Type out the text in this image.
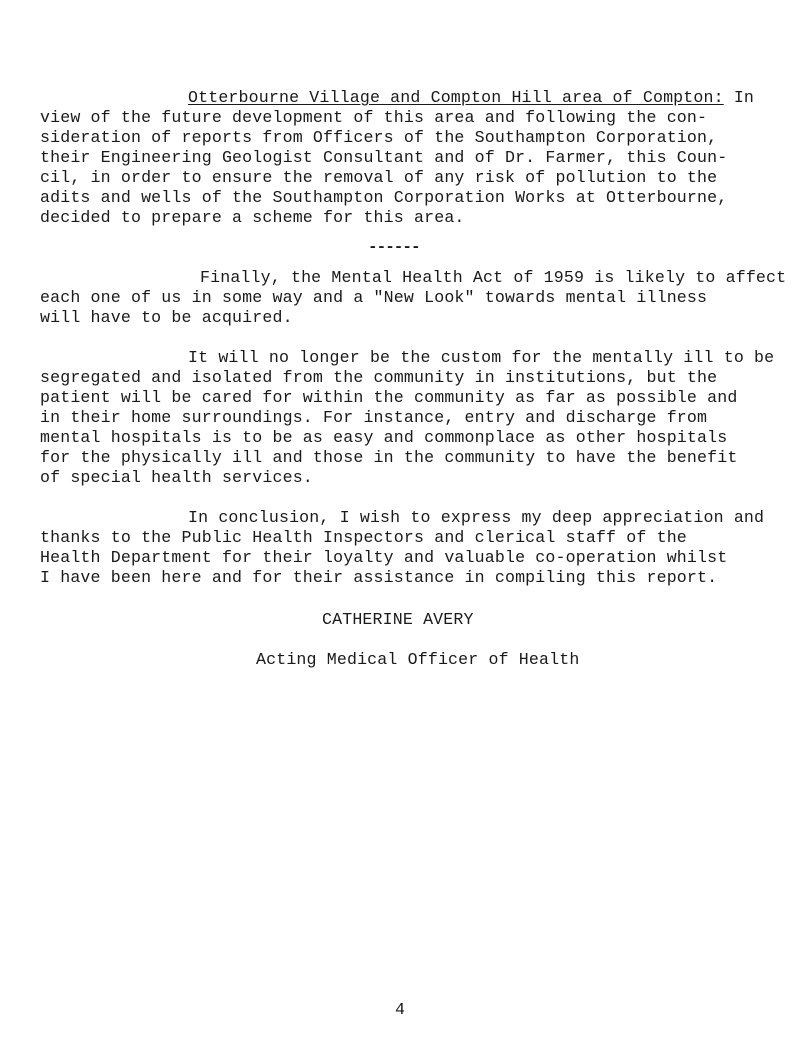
Otterbourne Village and Compton Hill area of Compton: In
view of the future development of this area and following the con-
sideration of reports from Officers of the Southampton Corporation,
their Engineering Geologist Consultant and of Dr. Farmer, this Coun-
cil, in order to ensure the removal of any risk of pollution to the
adits and wells of the Southampton Corporation Works at Otterbourne,
decided to prepare a scheme for this area.
------
Finally, the Mental Health Act of 1959 is likely to affect
each one of us in some way and a "New Look" towards mental illness
will have to be acquired.
It will no longer be the custom for the mentally ill to be
segregated and isolated from the community in institutions, but the
patient will be cared for within the community as far as possible and
in their home surroundings. For instance, entry and discharge from
mental hospitals is to be as easy and commonplace as other hospitals
for the physically ill and those in the community to have the benefit
of special health services.
In conclusion, I wish to express my deep appreciation and
thanks to the Public Health Inspectors and clerical staff of the
Health Department for their loyalty and valuable co-operation whilst
I have been here and for their assistance in compiling this report.
CATHERINE AVERY
Acting Medical Officer of Health
4
